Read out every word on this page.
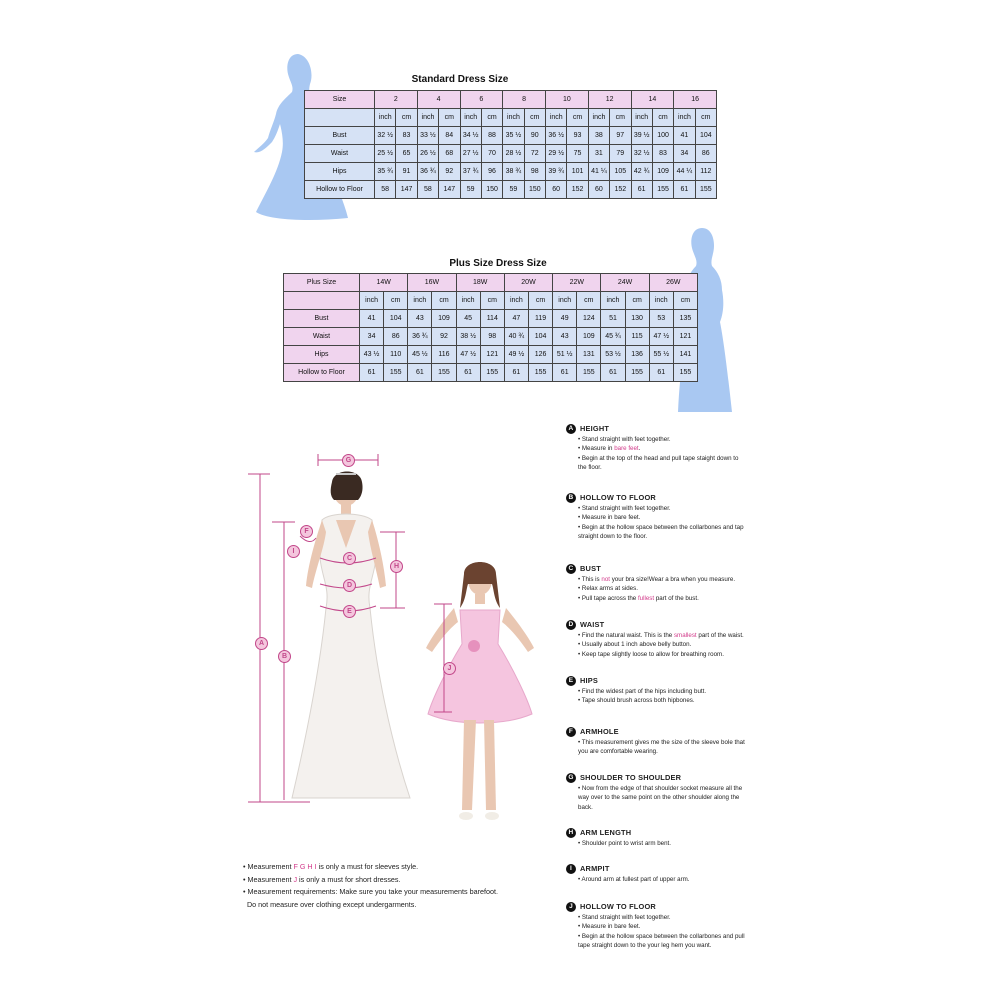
Standard Dress Size
Size	2		4		6		8		10		12		14		16	
	inch	cm	inch	cm	inch	cm	inch	cm	inch	cm	inch	cm	inch	cm	inch	cm
Bust	32 ½	83	33 ½	84	34 ½	88	35 ½	90	36 ½	93	38	97	39 ½	100	41	104
Waist	25 ½	65	26 ½	68	27 ½	70	28 ½	72	29 ½	75	31	79	32 ½	83	34	86
Hips	35 ¾	91	36 ¾	92	37 ¾	96	38 ¾	98	39 ¾	101	41 ¼	105	42 ¾	109	44 ¼	112
Hollow to Floor	58	147	58	147	59	150	59	150	60	152	60	152	61	155	61	155
Plus Size Dress Size
Plus Size	14W		16W		18W		20W		22W		24W		26W	
	inch	cm	inch	cm	inch	cm	inch	cm	inch	cm	inch	cm	inch	cm
Bust	41	104	43	109	45	114	47	119	49	124	51	130	53	135
Waist	34	86	36 ¾	92	38 ½	98	40 ¾	104	43	109	45 ¾	115	47 ½	121
Hips	43 ½	110	45 ½	116	47 ½	121	49 ½	126	51 ½	131	53 ½	136	55 ½	141
Hollow to Floor	61	155	61	155	61	155	61	155	61	155	61	155	61	155
G
F
I
C
H
D
E
A
B
J
A HEIGHT
• Stand straight with feet together.
• Measure in bare feet.
• Begin at the top of the head and pull tape staight down to
the floor.
B HOLLOW TO FLOOR
• Stand straight with feet together.
• Measure in bare feet.
• Begin at the hollow space between the collarbones and tap
straight down to the floor.
C BUST
• This is not your bra size!Wear a bra when you measure.
• Relax arms at sides.
• Pull tape across the fullest part of the bust.
D WAIST
• Find the natural waist. This is the smallest part of the waist.
• Usually about 1 inch above belly button.
• Keep tape slightly loose to allow for breathing room.
E HIPS
• Find the widest part of the hips including butt.
• Tape should brush across both hipbones.
F ARMHOLE
• This measurement gives me the size of the sleeve bole that
you are comfortable wearing.
G SHOULDER TO SHOULDER
• Now from the edge of that shoulder socket measure all the
way over to the same point on the other shoulder along the
back.
H ARM LENGTH
• Shoulder point to wrist arm bent.
I	ARMPIT
• Around arm at fullest part of upper arm.
J HOLLOW TO FLOOR
• Stand straight with feet together.
• Measure in bare feet.
• Begin at the hollow space between the collarbones and pull
tape straight down to the your leg hem you want.
• Measurement F G H I is only a must for sleeves style.
• Measurement J is only a must for short dresses.
• Measurement requirements: Make sure you take your measurements barefoot.
Do not measure over clothing except undergarments.
